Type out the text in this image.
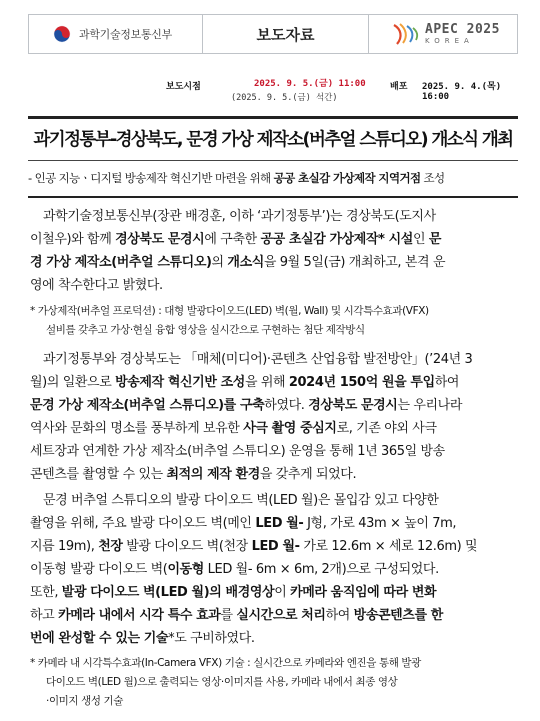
과학기술정보통신부	보도자료	APEC 2025
KOREA
보도시점	2025. 9. 5.(금) 11:00
(2025. 9. 5.(금) 석간)
배포 2025. 9. 4.(목) 16:00
과기정통부-경상북도, 문경 가상 제작소(버추얼 스튜디오) 개소식 개최
- 인공 지능ㆍ디지털 방송제작 혁신기반 마련을 위해 공공 초실감 가상제작 지역거점 조성
과학기술정보통신부(장관 배경훈, 이하 ‘과기정통부’)는 경상북도(도지사
이철우)와 함께 경상북도 문경시에 구축한 공공 초실감 가상제작* 시설인 문
경 가상 제작소(버추얼 스튜디오)의 개소식을 9월 5일(금) 개최하고, 본격 운
영에 착수한다고 밝혔다.
* 가상제작(버추얼 프로덕션) : 대형 발광다이오드(LED) 벽(월, Wall) 및 시각특수효과(VFX)
설비를 갖추고 가상·현실 융합 영상을 실시간으로 구현하는 첨단 제작방식
과기정통부와 경상북도는 「매체(미디어)·콘텐츠 산업융합 발전방안」(’24년 3
월)의 일환으로 방송제작 혁신기반 조성을 위해 2024년 150억 원을 투입하여
문경 가상 제작소(버추얼 스튜디오)를 구축하였다. 경상북도 문경시는 우리나라
역사와 문화의 명소를 풍부하게 보유한 사극 촬영 중심지로, 기존 야외 사극
세트장과 연계한 가상 제작소(버추얼 스튜디오) 운영을 통해 1년 365일 방송
콘텐츠를 촬영할 수 있는 최적의 제작 환경을 갖추게 되었다.
문경 버추얼 스튜디오의 발광 다이오드 벽(LED 월)은 몰입감 있고 다양한
촬영을 위해, 주요 발광 다이오드 벽(메인 LED 월- J형, 가로 43m × 높이 7m,
지름 19m), 천장 발광 다이오드 벽(천장 LED 월- 가로 12.6m × 세로 12.6m) 및
이동형 발광 다이오드 벽(이동형 LED 월- 6m × 6m, 2개)으로 구성되었다.
또한, 발광 다이오드 벽(LED 월)의 배경영상이 카메라 움직임에 따라 변화
하고 카메라 내에서 시각 특수 효과를 실시간으로 처리하여 방송콘텐츠를 한
번에 완성할 수 있는 기술*도 구비하였다.
* 카메라 내 시각특수효과(In-Camera VFX) 기술 : 실시간으로 카메라와 엔진을 통해 발광
다이오드 벽(LED 월)으로 출력되는 영상·이미지를 사용, 카메라 내에서 최종 영상
·이미지 생성 기술
